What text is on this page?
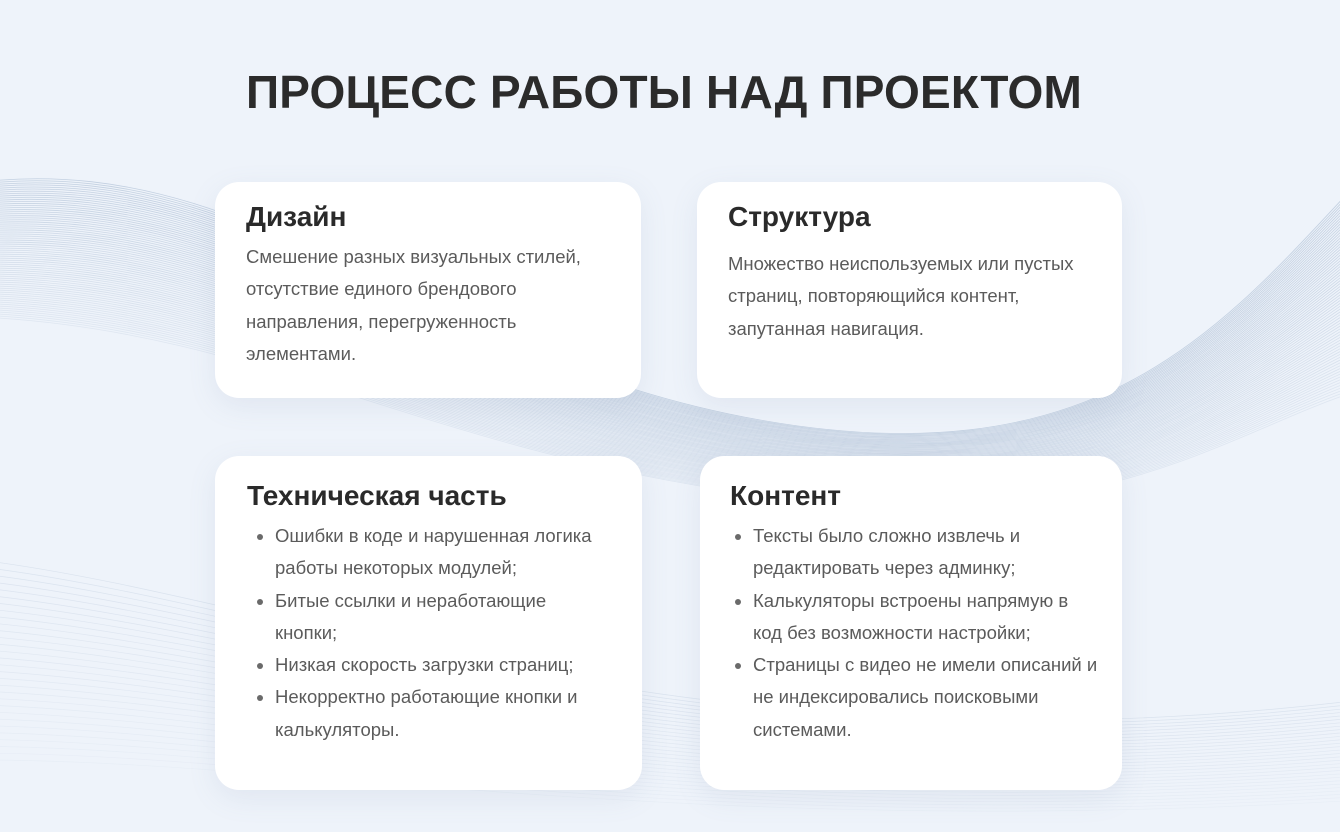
ПРОЦЕСС РАБОТЫ НАД ПРОЕКТОМ
Дизайн

Смешение разных визуальных стилей, отсутствие единого брендового направления, перегруженность элементами.

Структура

Множество неиспользуемых или пустых страниц, повторяющийся контент, запутанная навигация.

Техническая часть
• Ошибки в коде и нарушенная логика работы некоторых модулей;
• Битые ссылки и неработающие кнопки;
• Низкая скорость загрузки страниц;
• Некорректно работающие кнопки и калькуляторы.
Контент
• Тексты было сложно извлечь и редактировать через админку;
• Калькуляторы встроены напрямую в код без возможности настройки;
• Страницы с видео не имели описаний и не индексировались поисковыми системами.
